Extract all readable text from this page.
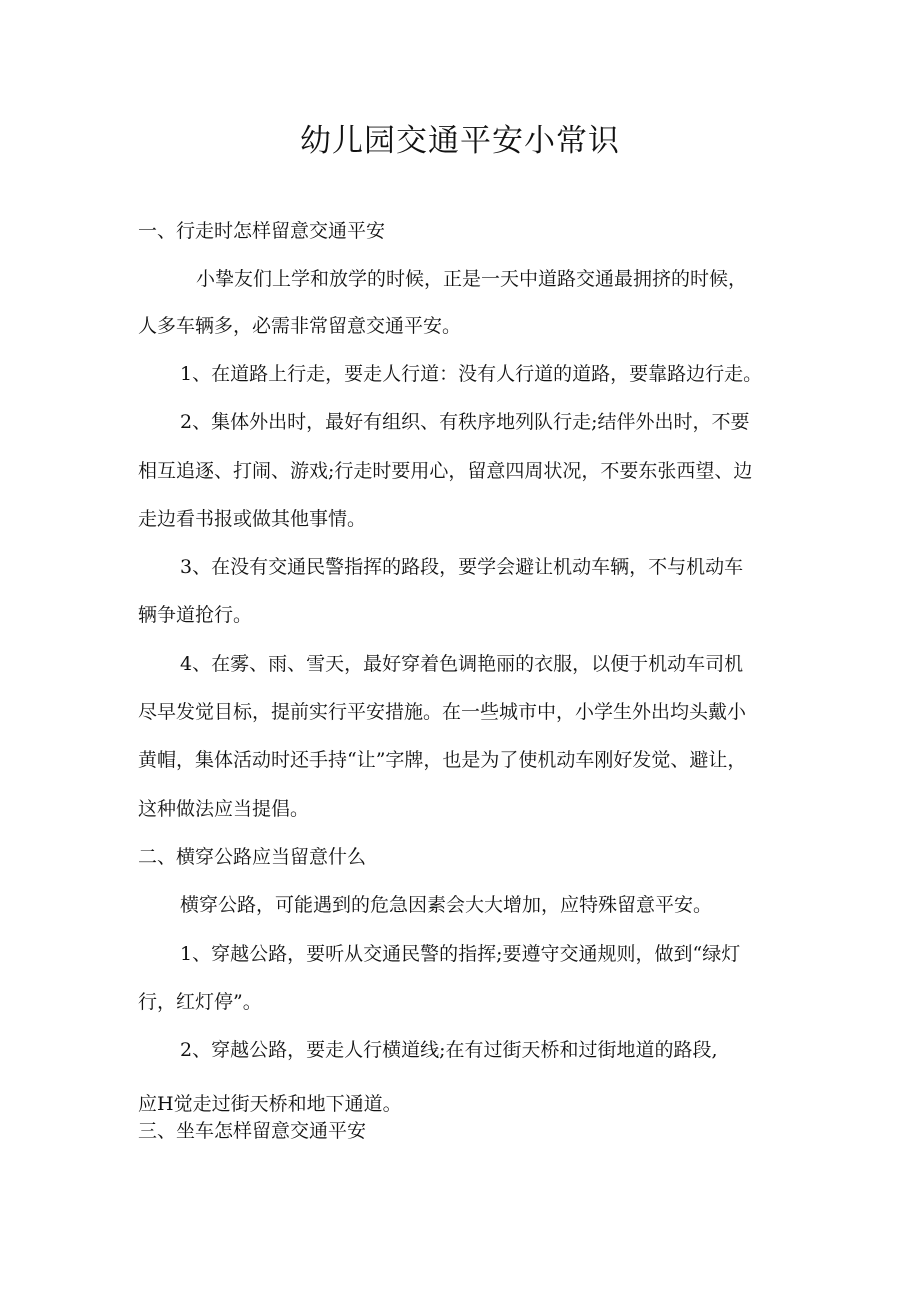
幼儿园交通平安小常识
一、行走时怎样留意交通平安
小挚友们上学和放学的时候，正是一天中道路交通最拥挤的时候，
人多车辆多，必需非常留意交通平安。
1、在道路上行走，要走人行道：没有人行道的道路，要靠路边行走。
2、集体外出时，最好有组织、有秩序地列队行走;结伴外出时，不要
相互追逐、打闹、游戏;行走时要用心，留意四周状况，不要东张西望、边
走边看书报或做其他事情。
3、在没有交通民警指挥的路段，要学会避让机动车辆，不与机动车
辆争道抢行。
4、在雾、雨、雪天，最好穿着色调艳丽的衣服，以便于机动车司机
尽早发觉目标，提前实行平安措施。在一些城市中，小学生外出均头戴小
黄帽，集体活动时还手持“让”字牌，也是为了使机动车刚好发觉、避让，
这种做法应当提倡。
二、横穿公路应当留意什么
横穿公路，可能遇到的危急因素会大大增加，应特殊留意平安。
1、穿越公路，要听从交通民警的指挥;要遵守交通规则，做到“绿灯
行，红灯停”。
2、穿越公路，要走人行横道线;在有过街天桥和过街地道的路段,
应H觉走过街天桥和地下通道。
三、坐车怎样留意交通平安
